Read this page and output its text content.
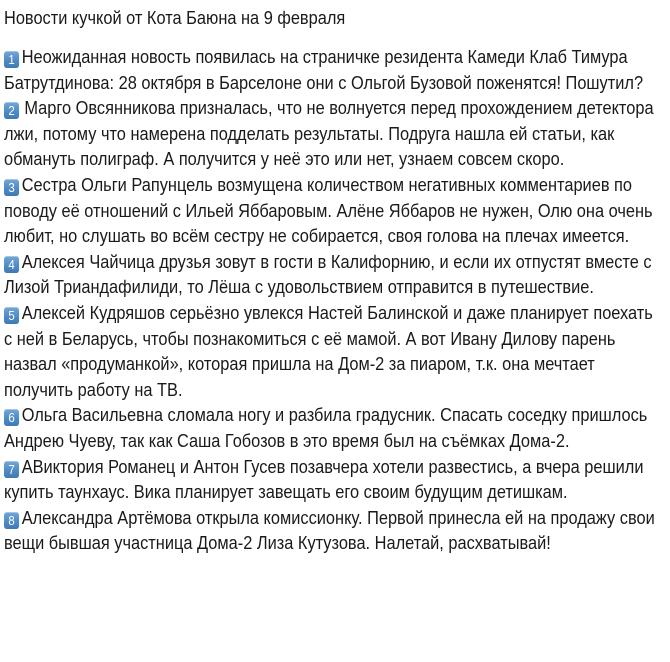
Новости кучкой от Кота Баюна на 9 февраля

1 Неожиданная новость появилась на страничке резидента Камеди Клаб Тимура Батрутдинова: 28 октября в Барселоне они с Ольгой Бузовой поженятся! Пошутил?

2 Марго Овсянникова призналась, что не волнуется перед прохождением детектора лжи, потому что намерена подделать результаты. Подруга нашла ей статьи, как обмануть полиграф. А получится у неё это или нет, узнаем совсем скоро.

3 Сестра Ольги Рапунцель возмущена количеством негативных комментариев по поводу её отношений с Ильей Яббаровым. Алёне Яббаров не нужен, Олю она очень любит, но слушать во всём сестру не собирается, своя голова на плечах имеется.

4 Алексея Чайчица друзья зовут в гости в Калифорнию, и если их отпустят вместе с Лизой Триандафилиди, то Лёша с удовольствием отправится в путешествие.

5 Алексей Кудряшов серьёзно увлекся Настей Балинской и даже планирует поехать с ней в Беларусь, чтобы познакомиться с её мамой. А вот Ивану Дилову парень назвал «продуманкой», которая пришла на Дом-2 за пиаром, т.к. она мечтает получить работу на ТВ.

6 Ольга Васильевна сломала ногу и разбила градусник. Спасать соседку пришлось Андрею Чуеву, так как Саша Гобозов в это время был на съёмках Дома-2.

7 АВиктория Романец и Антон Гусев позавчера хотели развестись, а вчера решили купить таунхаус. Вика планирует завещать его своим будущим детишкам.

8 Александра Артёмова открыла комиссионку. Первой принесла ей на продажу свои вещи бывшая участница Дома-2 Лиза Кутузова. Налетай, расхватывай!
